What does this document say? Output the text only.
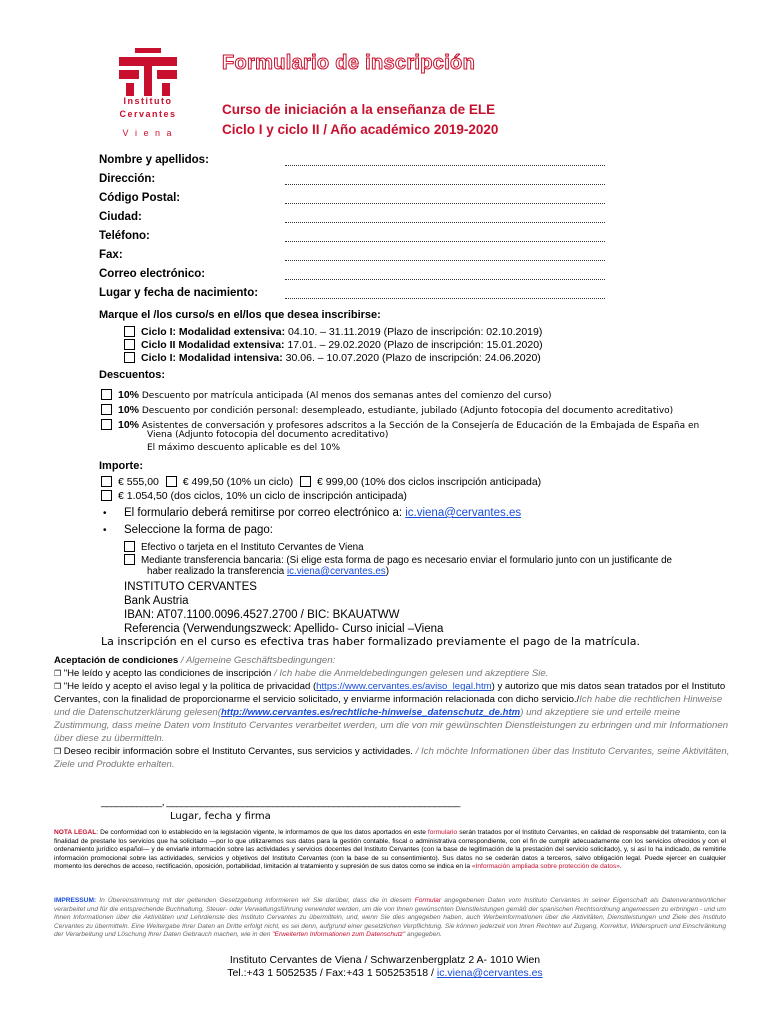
Instituto
Cervantes
V i e n a
Formulario de inscripción
Curso de iniciación a la enseñanza de ELE
Ciclo I y ciclo II / Año académico 2019-2020
Nombre y apellidos:
Dirección:
Código Postal:
Ciudad:
Teléfono:
Fax:
Correo electrónico:
Lugar y fecha de nacimiento:
Marque el /los curso/s en el/los que desea inscribirse:
Ciclo I: Modalidad extensiva: 04.10. – 31.11.2019 (Plazo de inscripción: 02.10.2019)
Ciclo II Modalidad extensiva: 17.01. – 29.02.2020 (Plazo de inscripción: 15.01.2020)
Ciclo I: Modalidad intensiva: 30.06. – 10.07.2020 (Plazo de inscripción: 24.06.2020)
Descuentos:
10% Descuento por matrícula anticipada (Al menos dos semanas antes del comienzo del curso)
10% Descuento por condición personal: desempleado, estudiante, jubilado (Adjunto fotocopia del documento acreditativo)
10% Asistentes de conversación y profesores adscritos a la Sección de la Consejería de Educación de la Embajada de España en
Viena (Adjunto fotocopia del documento acreditativo)
El máximo descuento aplicable es del 10%
Importe:
€ 555,00 € 499,50 (10% un ciclo) € 999,00 (10% dos ciclos inscripción anticipada)
€ 1.054,50 (dos ciclos, 10% un ciclo de inscripción anticipada)
• El formulario deberá remitirse por correo electrónico a: ic.viena@cervantes.es
• Seleccione la forma de pago:
Efectivo o tarjeta en el Instituto Cervantes de Viena
Mediante transferencia bancaria: (Si elige esta forma de pago es necesario enviar el formulario junto con un justificante de
haber realizado la transferencia ic.viena@cervantes.es)
INSTITUTO CERVANTES
Bank Austria
IBAN: AT07.1100.0096.4527.2700 / BIC: BKAUATWW
Referencia (Verwendungszweck: Apellido- Curso inicial –Viena
La inscripción en el curso es efectiva tras haber formalizado previamente el pago de la matrícula.

Aceptación de condiciones / Algemeine Geschäftsbedingungen:

❐ "He leído y acepto las condiciones de inscripción / Ich habe die Anmeldebedingungen gelesen und akzeptiere Sie.

❐ "He leído y acepto el aviso legal y la política de privacidad (https://www.cervantes.es/aviso_legal.htm) y autorizo que mis datos sean tratados por el Instituto Cervantes, con la finalidad de proporcionarme el servicio solicitado, y enviarme información relacionada con dicho servicio./Ich habe die rechtlichen Hinweise und die Datenschutzerklärung gelesen(http://www.cervantes.es/rechtliche-hinweise_datenschutz_de.htm) und akzeptiere sie und erteile meine Zustimmung, dass meine Daten vom Instituto Cervantes verarbeitet werden, um die von mir gewünschten Dienstleistungen zu erbringen und mir Informationen über diese zu übermitteln.

❐ Deseo recibir información sobre el Instituto Cervantes, sus servicios y actividades. / Ich möchte Informationen über das Instituto Cervantes, seine Aktivitäten, Ziele und Produkte erhalten.

____________, __________________________________________________________
Lugar, fecha y firma
NOTA LEGAL: De conformidad con lo establecido en la legislación vigente, le informamos de que los datos aportados en este formulario serán tratados por el Instituto Cervantes, en calidad de responsable del tratamiento, con la finalidad de prestarle los servicios que ha solicitado —por lo que utilizaremos sus datos para la gestión contable, fiscal o administrativa correspondiente, con el fin de cumplir adecuadamente con los servicios ofrecidos y con el ordenamiento jurídico español— y de enviarle información sobre las actividades y servicios docentes del Instituto Cervantes (con la base de legitimación de la prestación del servicio solicitado), y, si así lo ha indicado, de remitirle información promocional sobre las actividades, servicios y objetivos del Instituto Cervantes (con la base de su consentimiento). Sus datos no se cederán datos a terceros, salvo obligación legal. Puede ejercer en cualquier momento los derechos de acceso, rectificación, oposición, portabilidad, limitación al tratamiento y supresión de sus datos como se indica en la «Información ampliada sobre protección de datos».
IMPRESSUM: In Übereinstimmung mit der geltenden Gesetzgebung informieren wir Sie darüber, dass die in diesem Formular angegebenen Daten vom Instituto Cervantes in seiner Eigenschaft als Datenverantwortlicher verarbeitet und für die entsprechende Buchhaltung, Steuer- oder Verwaltungsführung verwendet werden, um die von Ihnen gewünschten Dienstleistungen gemäß der spanischen Rechtsordnung angemessen zu erbringen - und um Ihnen Informationen über die Aktivitäten und Lehrdienste des Instituto Cervantes zu übermitteln, und, wenn Sie dies angegeben haben, auch Werbeinformationen über die Aktivitäten, Dienstleistungen und Ziele des Instituto Cervantes zu übermitteln. Eine Weitergabe Ihrer Daten an Dritte erfolgt nicht, es sei denn, aufgrund einer gesetzlichen Verpflichtung. Sie können jederzeit von Ihren Rechten auf Zugang, Korrektur, Widerspruch und Einschränkung der Verarbeitung und Löschung Ihrer Daten Gebrauch machen, wie in den "Erweiterten Informationen zum Datenschutz" angegeben.
Instituto Cervantes de Viena / Schwarzenbergplatz 2 A- 1010 Wien
Tel.:+43 1 5052535 / Fax:+43 1 505253518 / ic.viena@cervantes.es
